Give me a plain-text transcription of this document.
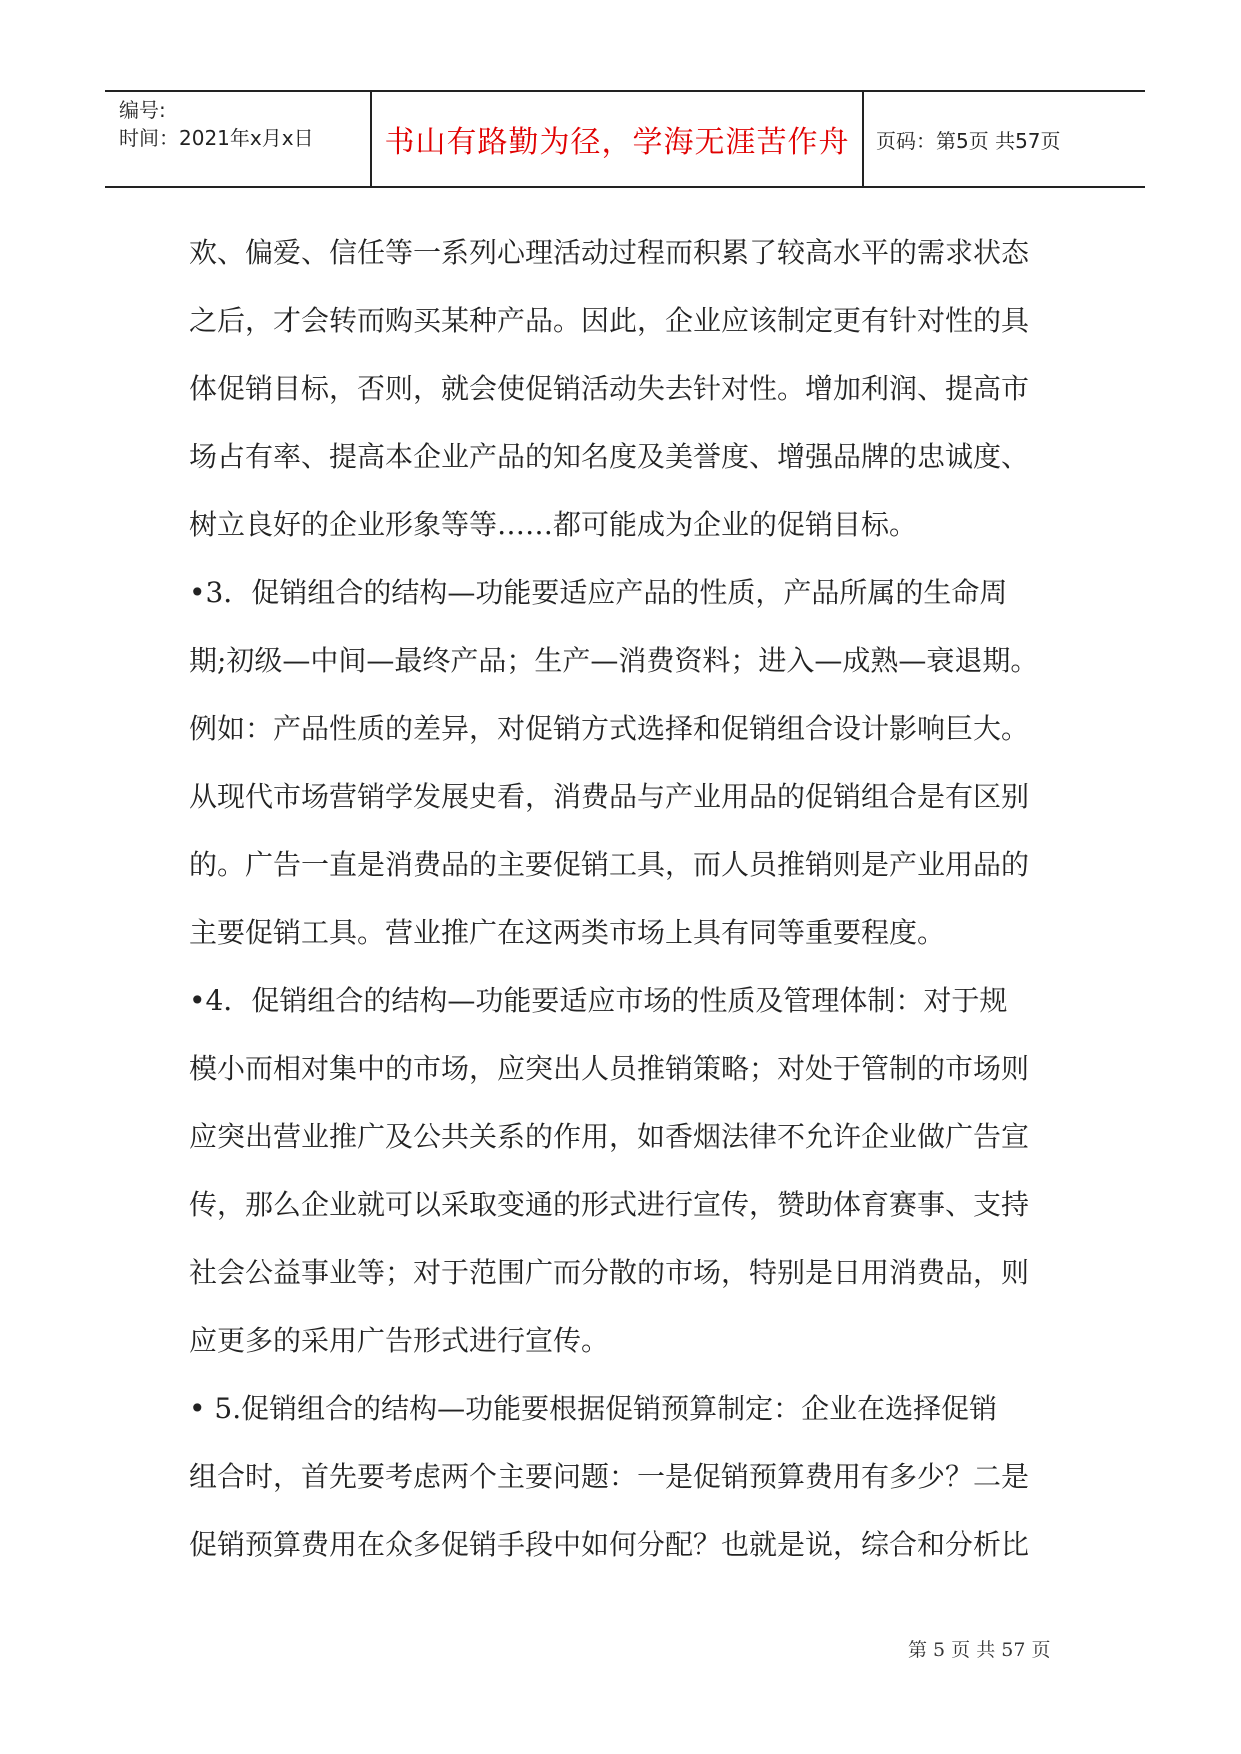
编号:
时间：2021年x月x日 书山有路勤为径，学海无涯苦作舟 页码：第5页 共57页

欢、偏爱、信任等一系列心理活动过程而积累了较高水平的需求状态

之后，才会转而购买某种产品。因此，企业应该制定更有针对性的具

体促销目标，否则，就会使促销活动失去针对性。增加利润、提高市

场占有率、提高本企业产品的知名度及美誉度、增强品牌的忠诚度、

树立良好的企业形象等等……都可能成为企业的促销目标。

•3．促销组合的结构—功能要适应产品的性质，产品所属的生命周

期;初级—中间—最终产品；生产—消费资料；进入—成熟—衰退期。

例如：产品性质的差异，对促销方式选择和促销组合设计影响巨大。

从现代市场营销学发展史看，消费品与产业用品的促销组合是有区别

的。广告一直是消费品的主要促销工具，而人员推销则是产业用品的

主要促销工具。营业推广在这两类市场上具有同等重要程度。

•4．促销组合的结构—功能要适应市场的性质及管理体制：对于规

模小而相对集中的市场，应突出人员推销策略；对处于管制的市场则

应突出营业推广及公共关系的作用，如香烟法律不允许企业做广告宣

传，那么企业就可以采取变通的形式进行宣传，赞助体育赛事、支持

社会公益事业等；对于范围广而分散的市场，特别是日用消费品，则

应更多的采用广告形式进行宣传。

• 5.促销组合的结构—功能要根据促销预算制定：企业在选择促销

组合时，首先要考虑两个主要问题：一是促销预算费用有多少？二是

促销预算费用在众多促销手段中如何分配？也就是说，综合和分析比

第 5 页 共 57 页
